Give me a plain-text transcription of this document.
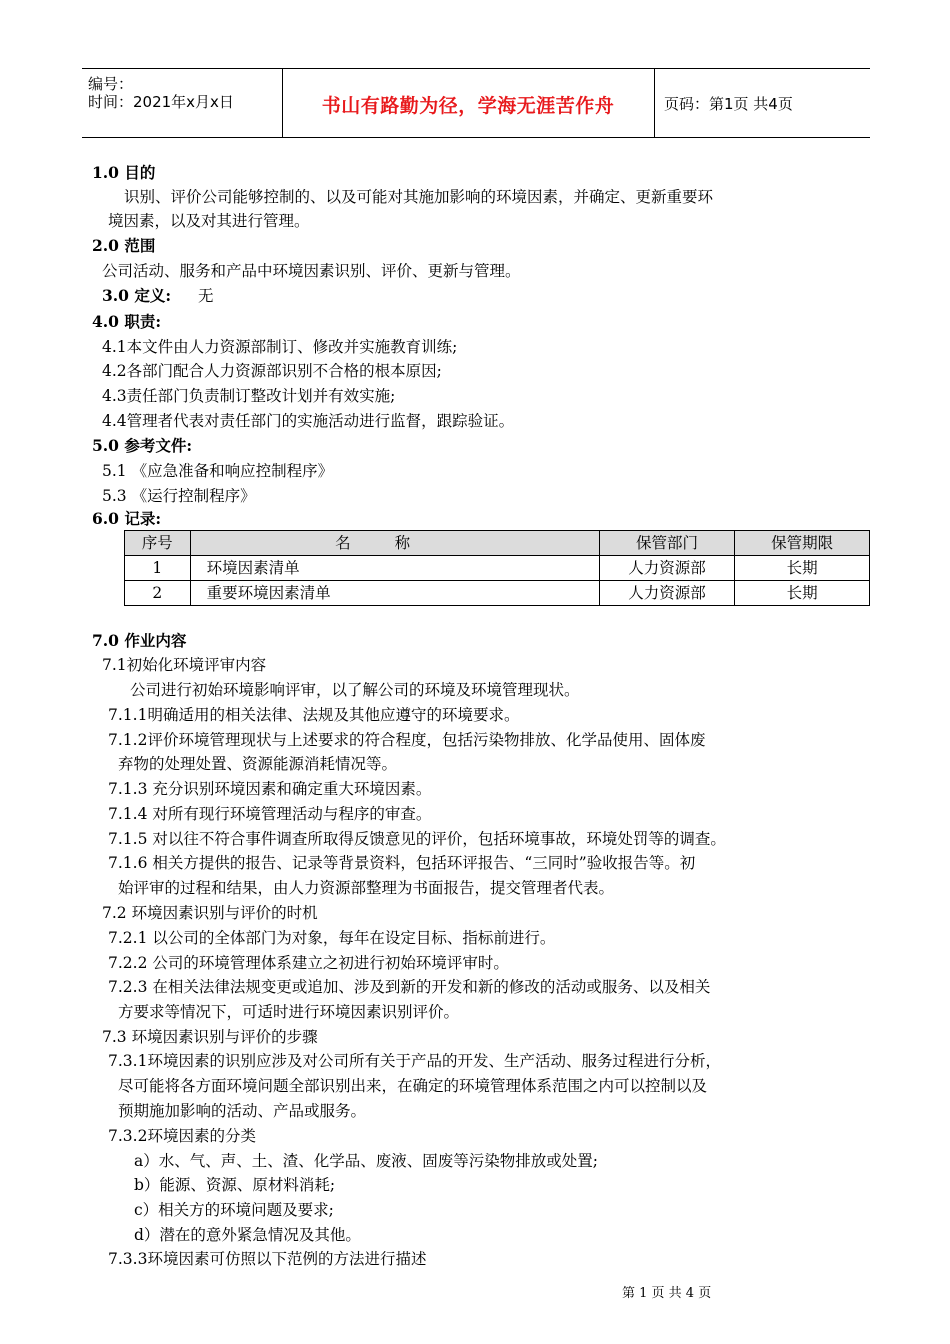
编号：
时间：2021年x月x日	书山有路勤为径，学海无涯苦作舟	页码：第1页 共4页
1.0 目的
识别、评价公司能够控制的、以及可能对其施加影响的环境因素，并确定、更新重要环
境因素，以及对其进行管理。
2.0 范围
公司活动、服务和产品中环境因素识别、评价、更新与管理。
3.0 定义: 无
4.0 职责:
4.1本文件由人力资源部制订、修改并实施教育训练;
4.2各部门配合人力资源部识别不合格的根本原因;
4.3责任部门负责制订整改计划并有效实施;
4.4管理者代表对责任部门的实施活动进行监督，跟踪验证。
5.0 参考文件:
5.1 《应急准备和响应控制程序》
5.3 《运行控制程序》
6.0 记录:
序号	名称	保管部门	保管期限
1	环境因素清单	人力资源部	长期
2	重要环境因素清单	人力资源部	长期
7.0 作业内容
7.1初始化环境评审内容
公司进行初始环境影响评审，以了解公司的环境及环境管理现状。
7.1.1明确适用的相关法律、法规及其他应遵守的环境要求。
7.1.2评价环境管理现状与上述要求的符合程度，包括污染物排放、化学品使用、固体废
弃物的处理处置、资源能源消耗情况等。
7.1.3 充分识别环境因素和确定重大环境因素。
7.1.4 对所有现行环境管理活动与程序的审查。
7.1.5 对以往不符合事件调查所取得反馈意见的评价，包括环境事故，环境处罚等的调查。
7.1.6 相关方提供的报告、记录等背景资料，包括环评报告、“三同时”验收报告等。初
始评审的过程和结果，由人力资源部整理为书面报告，提交管理者代表。
7.2 环境因素识别与评价的时机
7.2.1 以公司的全体部门为对象，每年在设定目标、指标前进行。
7.2.2 公司的环境管理体系建立之初进行初始环境评审时。
7.2.3 在相关法律法规变更或追加、涉及到新的开发和新的修改的活动或服务、以及相关
方要求等情况下，可适时进行环境因素识别评价。
7.3 环境因素识别与评价的步骤
7.3.1环境因素的识别应涉及对公司所有关于产品的开发、生产活动、服务过程进行分析，
尽可能将各方面环境问题全部识别出来，在确定的环境管理体系范围之内可以控制以及
预期施加影响的活动、产品或服务。
7.3.2环境因素的分类
a）水、气、声、土、渣、化学品、废液、固废等污染物排放或处置;
b）能源、资源、原材料消耗;
c）相关方的环境问题及要求;
d）潜在的意外紧急情况及其他。
7.3.3环境因素可仿照以下范例的方法进行描述
第 1 页 共 4 页
